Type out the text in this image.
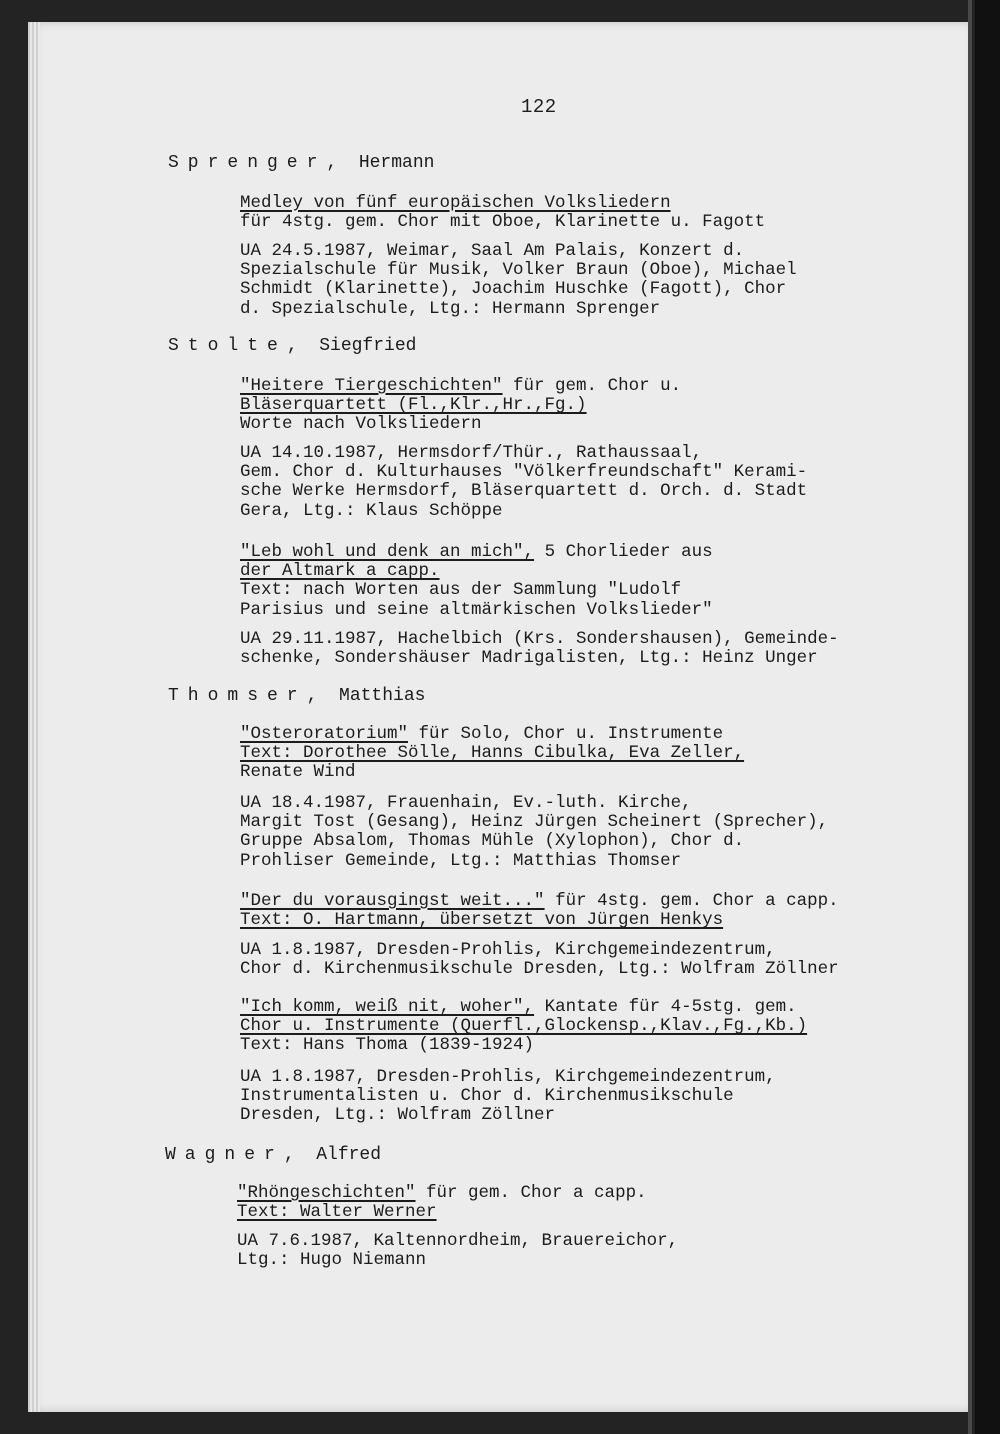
122
Sprenger,  Hermann
Medley von fünf europäischen Volksliedern
für 4stg. gem. Chor mit Oboe, Klarinette u. Fagott
UA 24.5.1987, Weimar, Saal Am Palais, Konzert d.
Spezialschule für Musik, Volker Braun (Oboe), Michael
Schmidt (Klarinette), Joachim Huschke (Fagott), Chor
d. Spezialschule, Ltg.: Hermann Sprenger
Stolte,  Siegfried
"Heitere Tiergeschichten" für gem. Chor u.
Bläserquartett (Fl.,Klr.,Hr.,Fg.)
Worte nach Volksliedern
UA 14.10.1987, Hermsdorf/Thür., Rathaussaal,
Gem. Chor d. Kulturhauses "Völkerfreundschaft" Kerami-
sche Werke Hermsdorf, Bläserquartett d. Orch. d. Stadt
Gera, Ltg.: Klaus Schöppe
"Leb wohl und denk an mich", 5 Chorlieder aus
der Altmark a capp.
Text: nach Worten aus der Sammlung "Ludolf
Parisius und seine altmärkischen Volkslieder"
UA 29.11.1987, Hachelbich (Krs. Sondershausen), Gemeinde-
schenke, Sondershäuser Madrigalisten, Ltg.: Heinz Unger
Thomser,  Matthias
"Osteroratorium" für Solo, Chor u. Instrumente
Text: Dorothee Sölle, Hanns Cibulka, Eva Zeller,
Renate Wind
UA 18.4.1987, Frauenhain, Ev.-luth. Kirche,
Margit Tost (Gesang), Heinz Jürgen Scheinert (Sprecher),
Gruppe Absalom, Thomas Mühle (Xylophon), Chor d.
Prohliser Gemeinde, Ltg.: Matthias Thomser
"Der du vorausgingst weit..." für 4stg. gem. Chor a capp.
Text: O. Hartmann, übersetzt von Jürgen Henkys
UA 1.8.1987, Dresden-Prohlis, Kirchgemeindezentrum,
Chor d. Kirchenmusikschule Dresden, Ltg.: Wolfram Zöllner
"Ich komm, weiß nit, woher", Kantate für 4-5stg. gem.
Chor u. Instrumente (Querfl.,Glockensp.,Klav.,Fg.,Kb.)
Text: Hans Thoma (1839-1924)
UA 1.8.1987, Dresden-Prohlis, Kirchgemeindezentrum,
Instrumentalisten u. Chor d. Kirchenmusikschule
Dresden, Ltg.: Wolfram Zöllner
Wagner,  Alfred
"Rhöngeschichten" für gem. Chor a capp.
Text: Walter Werner
UA 7.6.1987, Kaltennordheim, Brauereichor,
Ltg.: Hugo Niemann
